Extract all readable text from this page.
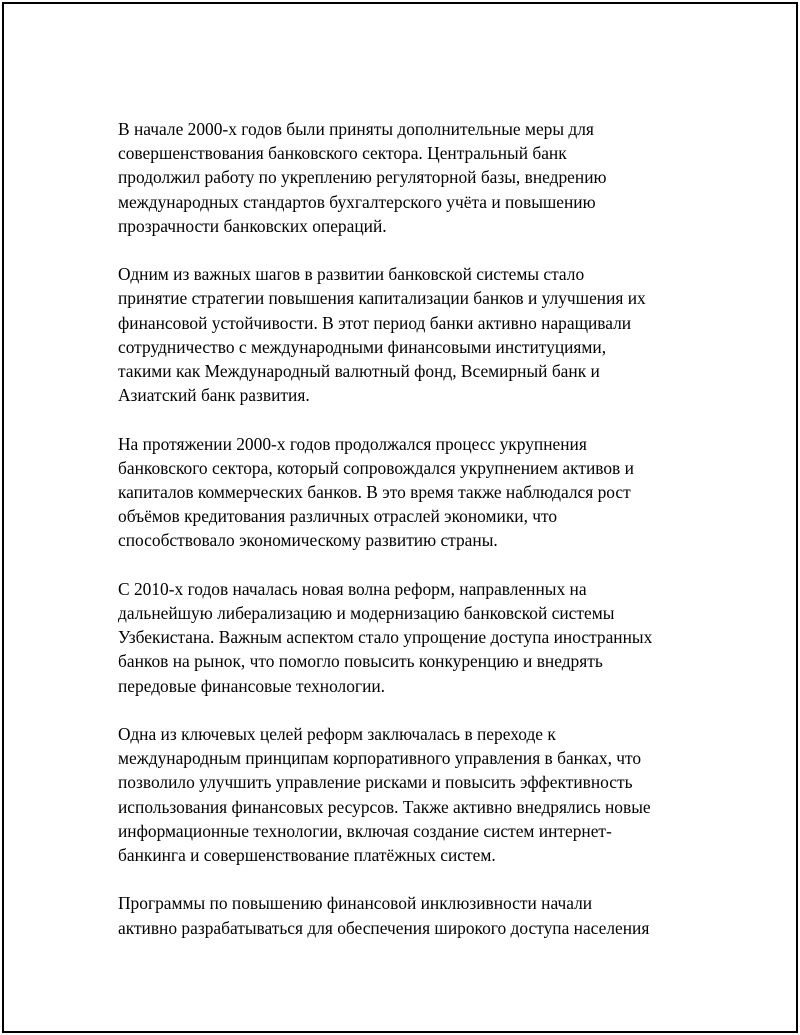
В начале 2000-х годов были приняты дополнительные меры для
совершенствования банковского сектора. Центральный банк
продолжил работу по укреплению регуляторной базы, внедрению
международных стандартов бухгалтерского учёта и повышению
прозрачности банковских операций.

Одним из важных шагов в развитии банковской системы стало
принятие стратегии повышения капитализации банков и улучшения их
финансовой устойчивости. В этот период банки активно наращивали
сотрудничество с международными финансовыми институциями,
такими как Международный валютный фонд, Всемирный банк и
Азиатский банк развития.

На протяжении 2000-х годов продолжался процесс укрупнения
банковского сектора, который сопровождался укрупнением активов и
капиталов коммерческих банков. В это время также наблюдался рост
объёмов кредитования различных отраслей экономики, что
способствовало экономическому развитию страны.

С 2010-х годов началась новая волна реформ, направленных на
дальнейшую либерализацию и модернизацию банковской системы
Узбекистана. Важным аспектом стало упрощение доступа иностранных
банков на рынок, что помогло повысить конкуренцию и внедрять
передовые финансовые технологии.

Одна из ключевых целей реформ заключалась в переходе к
международным принципам корпоративного управления в банках, что
позволило улучшить управление рисками и повысить эффективность
использования финансовых ресурсов. Также активно внедрялись новые
информационные технологии, включая создание систем интернет-
банкинга и совершенствование платёжных систем.

Программы по повышению финансовой инклюзивности начали
активно разрабатываться для обеспечения широкого доступа населения
